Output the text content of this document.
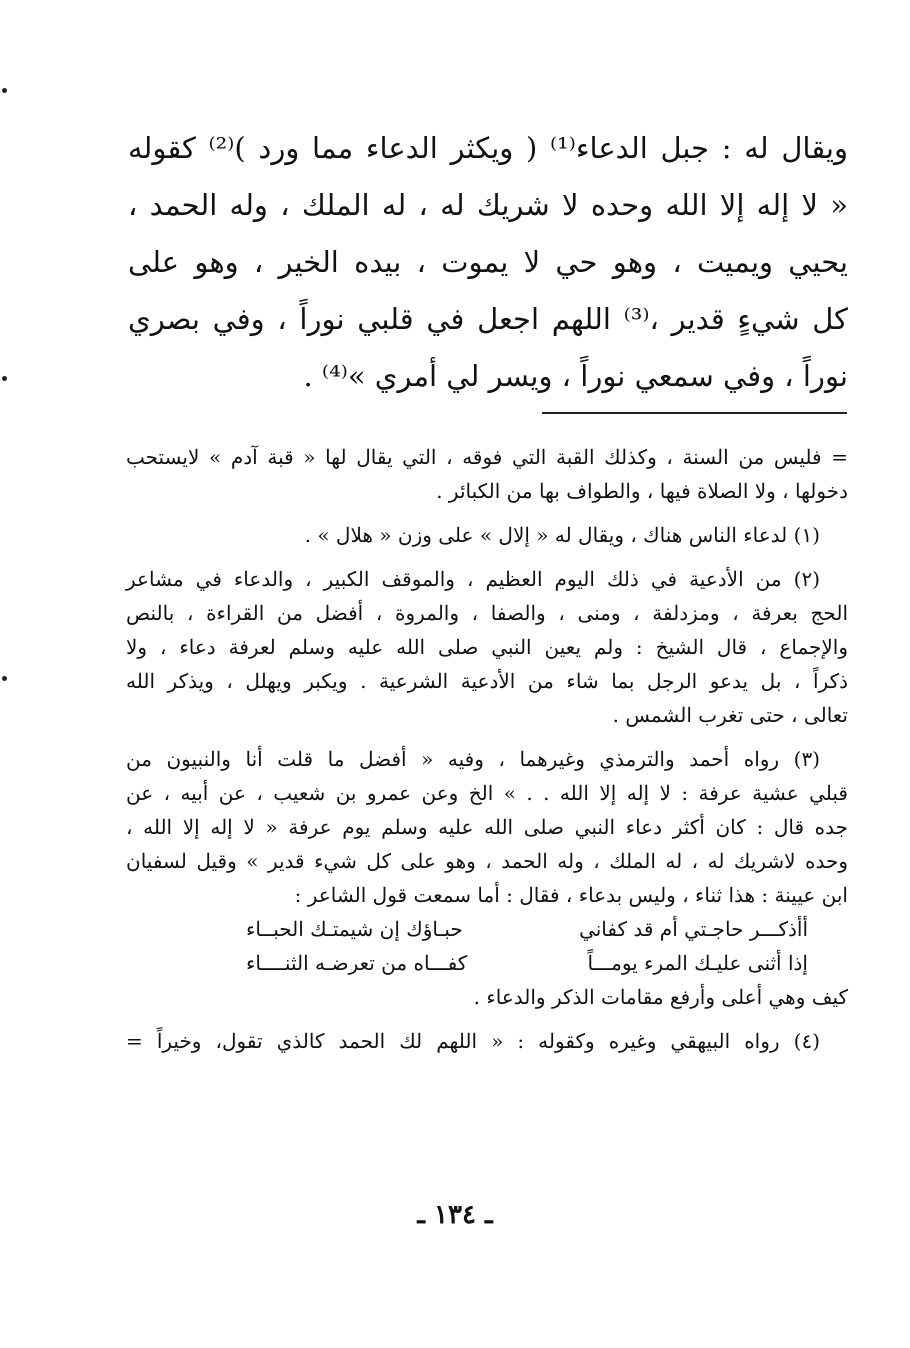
ويقال له : جبل الدعاء⁽¹⁾ ( ويكثر الدعاء مما ورد )⁽²⁾ كقوله
« لا إله إلا الله وحده لا شريك له ، له الملك ، وله الحمد ،
يحيي ويميت ، وهو حي لا يموت ، بيده الخير ، وهو على
كل شيءٍ قدير ،⁽³⁾ اللهم اجعل في قلبي نوراً ، وفي بصري
نوراً ، وفي سمعي نوراً ، ويسر لي أمري »⁽⁴⁾ .

= فليس من السنة ، وكذلك القبة التي فوقه ، التي يقال لها « قبة آدم » لايستحب
دخولها ، ولا الصلاة فيها ، والطواف بها من الكبائر .
(١) لدعاء الناس هناك ، ويقال له « إلال » على وزن « هلال » .
(٢) من الأدعية في ذلك اليوم العظيم ، والموقف الكبير ، والدعاء في مشاعر
الحج بعرفة ، ومزدلفة ، ومنى ، والصفا ، والمروة ، أفضل من القراءة ، بالنص
والإجماع ، قال الشيخ : ولم يعين النبي صلى الله عليه وسلم لعرفة دعاء ، ولا
ذكراً ، بل يدعو الرجل بما شاء من الأدعية الشرعية . ويكبر ويهلل ، ويذكر الله
تعالى ، حتى تغرب الشمس .
(٣) رواه أحمد والترمذي وغيرهما ، وفيه « أفضل ما قلت أنا والنبيون من
قبلي عشية عرفة : لا إله إلا الله . . » الخ وعن عمرو بن شعيب ، عن أبيه ، عن
جده قال : كان أكثر دعاء النبي صلى الله عليه وسلم يوم عرفة « لا إله إلا الله ،
وحده لاشريك له ، له الملك ، وله الحمد ، وهو على كل شيء قدير » وقيل لسفيان
ابن عيينة : هذا ثناء ، وليس بدعاء ، فقال : أما سمعت قول الشاعر :
أأذكـــر حاجـتي أم قد كفاني
حبـاؤك إن شيمتـك الحبــاء
إذا أثنى عليـك المرء يومـــاً
كفـــاه من تعرضـه الثنــــاء
كيف وهي أعلى وأرفع مقامات الذكر والدعاء .
(٤) رواه البيهقي وغيره وكقوله : « اللهم لك الحمد كالذي تقول، وخيراً =
ـ ١٣٤ ـ
